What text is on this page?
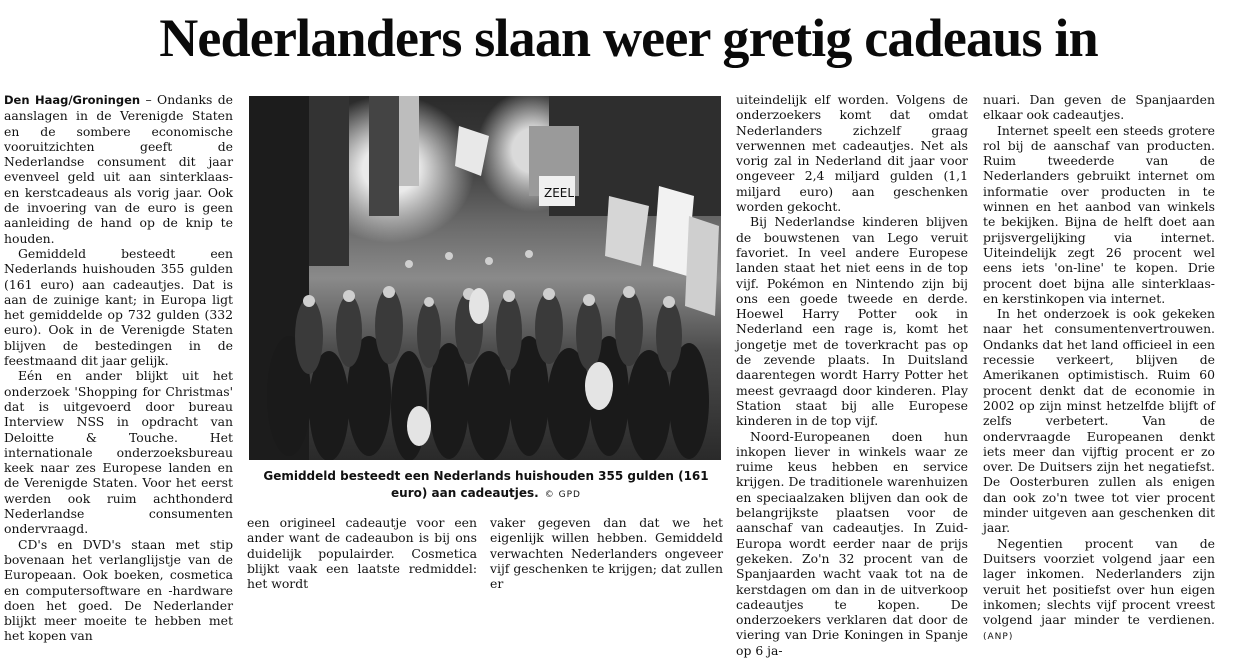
Nederlanders slaan weer gretig cadeaus in

Den Haag/Groningen – Ondanks de aanslagen in de Verenigde Staten en de sombere economische vooruitzichten geeft de Nederlandse consument dit jaar evenveel geld uit aan sinterklaas- en kerstcadeaus als vorig jaar. Ook de invoering van de euro is geen aanleiding de hand op de knip te houden.

Gemiddeld besteedt een Nederlands huishouden 355 gulden (161 euro) aan cadeautjes. Dat is aan de zuinige kant; in Europa ligt het gemiddelde op 732 gulden (332 euro). Ook in de Verenigde Staten blijven de bestedingen in de feestmaand dit jaar gelijk.

Eén en ander blijkt uit het onderzoek 'Shopping for Christmas' dat is uitgevoerd door bureau Interview NSS in opdracht van Deloitte & Touche. Het internationale onderzoeksbureau keek naar zes Europese landen en de Verenigde Staten. Voor het eerst werden ook ruim achthonderd Nederlandse consumenten ondervraagd.

CD's en DVD's staan met stip bovenaan het verlanglijstje van de Europeaan. Ook boeken, cosmetica en computersoftware en -hardware doen het goed. De Nederlander blijkt meer moeite te hebben met het kopen van

ZEEL
Gemiddeld besteedt een Nederlands huishouden 355 gulden (161 euro) aan cadeautjes. © GPD

een origineel cadeautje voor een ander want de cadeaubon is bij ons duidelijk populairder. Cosmetica blijkt vaak een laatste redmiddel: het wordt

vaker gegeven dan dat we het eigenlijk willen hebben. Gemiddeld verwachten Nederlanders ongeveer vijf geschenken te krijgen; dat zullen er

uiteindelijk elf worden. Volgens de onderzoekers komt dat omdat Nederlanders zichzelf graag verwennen met cadeautjes. Net als vorig zal in Nederland dit jaar voor ongeveer 2,4 miljard gulden (1,1 miljard euro) aan geschenken worden gekocht.

Bij Nederlandse kinderen blijven de bouwstenen van Lego veruit favoriet. In veel andere Europese landen staat het niet eens in de top vijf. Pokémon en Nintendo zijn bij ons een goede tweede en derde. Hoewel Harry Potter ook in Nederland een rage is, komt het jongetje met de toverkracht pas op de zevende plaats. In Duitsland daarentegen wordt Harry Potter het meest gevraagd door kinderen. Play Station staat bij alle Europese kinderen in de top vijf.

Noord-Europeanen doen hun inkopen liever in winkels waar ze ruime keus hebben en service krijgen. De traditionele warenhuizen en speciaalzaken blijven dan ook de belangrijkste plaatsen voor de aanschaf van cadeautjes. In Zuid-Europa wordt eerder naar de prijs gekeken. Zo'n 32 procent van de Spanjaarden wacht vaak tot na de kerstdagen om dan in de uitverkoop cadeautjes te kopen. De onderzoekers verklaren dat door de viering van Drie Koningen in Spanje op 6 ja-

nuari. Dan geven de Spanjaarden elkaar ook cadeautjes.

Internet speelt een steeds grotere rol bij de aanschaf van producten. Ruim tweederde van de Nederlanders gebruikt internet om informatie over producten in te winnen en het aanbod van winkels te bekijken. Bijna de helft doet aan prijsvergelijking via internet. Uiteindelijk zegt 26 procent wel eens iets 'on-line' te kopen. Drie procent doet bijna alle sinterklaas- en kerstinkopen via internet.

In het onderzoek is ook gekeken naar het consumentenvertrouwen. Ondanks dat het land officieel in een recessie verkeert, blijven de Amerikanen optimistisch. Ruim 60 procent denkt dat de economie in 2002 op zijn minst hetzelfde blijft of zelfs verbetert. Van de ondervraagde Europeanen denkt iets meer dan vijftig procent er zo over. De Duitsers zijn het negatiefst. De Oosterburen zullen als enigen dan ook zo'n twee tot vier procent minder uitgeven aan geschenken dit jaar.

Negentien procent van de Duitsers voorziet volgend jaar een lager inkomen. Nederlanders zijn veruit het positiefst over hun eigen inkomen; slechts vijf procent vreest volgend jaar minder te verdienen. (ANP)
